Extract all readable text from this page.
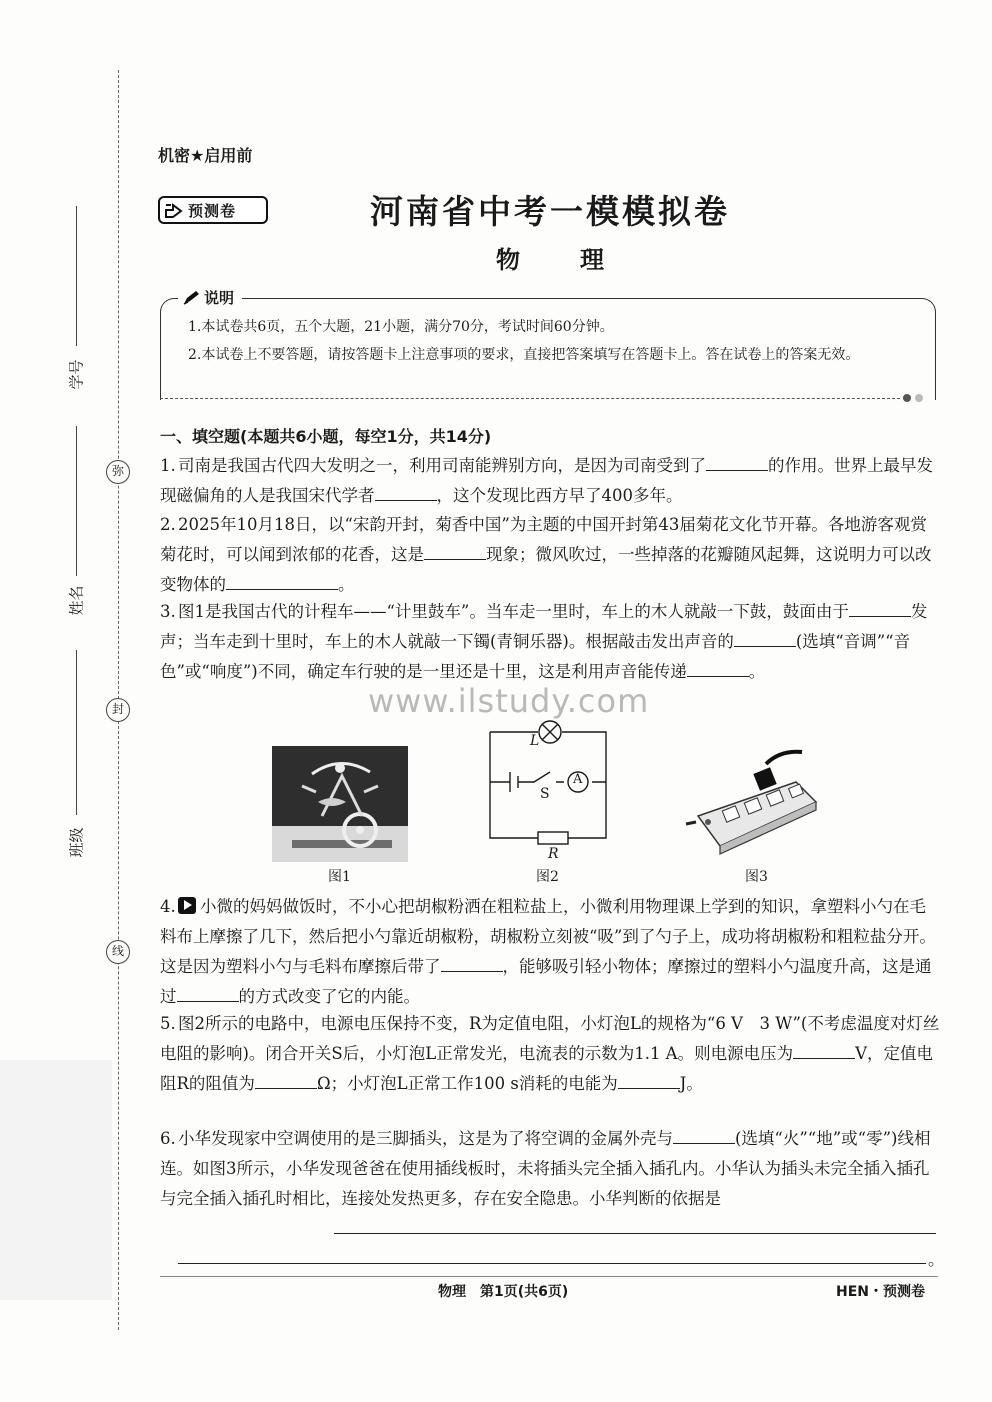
学号
姓名
班级
弥
封
线
机密★启用前
预测卷	河南省中考一模模拟卷
物理
说明
1.本试卷共6页，五个大题，21小题，满分70分，考试时间60分钟。
2.本试卷上不要答题，请按答题卡上注意事项的要求，直接把答案填写在答题卡上。答在试卷上的答案无效。
一、填空题(本题共6小题，每空1分，共14分)
1. 司南是我国古代四大发明之一，利用司南能辨别方向，是因为司南受到了	的作用。世界上最早发现磁偏角的人是我国宋代学者	，这个发现比西方早了400多年。
2. 2025年10月18日，以“宋韵开封，菊香中国”为主题的中国开封第43届菊花文化节开幕。各地游客观赏菊花时，可以闻到浓郁的花香，这是	现象；微风吹过，一些掉落的花瓣随风起舞，这说明力可以改变物体的	。
3. 图1是我国古代的计程车——“计里鼓车”。当车走一里时，车上的木人就敲一下鼓，鼓面由于	发声；当车走到十里时，车上的木人就敲一下镯(青铜乐器)。根据敲击发出声音的	(选填“音调”“音色”或“响度”)不同，确定车行驶的是一里还是十里，这是利用声音能传递	。
www.ilstudy.com
图1
L
S
A
R
图2	图3
4. 小微的妈妈做饭时，不小心把胡椒粉洒在粗粒盐上，小微利用物理课上学到的知识，拿塑料小勺在毛料布上摩擦了几下，然后把小勺靠近胡椒粉，胡椒粉立刻被“吸”到了勺子上，成功将胡椒粉和粗粒盐分开。这是因为塑料小勺与毛料布摩擦后带了	，能够吸引轻小物体；摩擦过的塑料小勺温度升高，这是通过	的方式改变了它的内能。
5. 图2所示的电路中，电源电压保持不变，R为定值电阻，小灯泡L的规格为“6 V　3 W”(不考虑温度对灯丝电阻的影响)。闭合开关S后，小灯泡L正常发光，电流表的示数为1.1 A。则电源电压为	V，定值电阻R的阻值为	Ω；小灯泡L正常工作100 s消耗的电能为	J。
6. 小华发现家中空调使用的是三脚插头，这是为了将空调的金属外壳与	(选填“火”“地”或“零”)线相连。如图3所示，小华发现爸爸在使用插线板时，未将插头完全插入插孔内。小华认为插头未完全插入插孔与完全插入插孔时相比，连接处发热更多，存在安全隐患。小华判断的依据是
。
物理　第1页(共6页)	HEN・预测卷
